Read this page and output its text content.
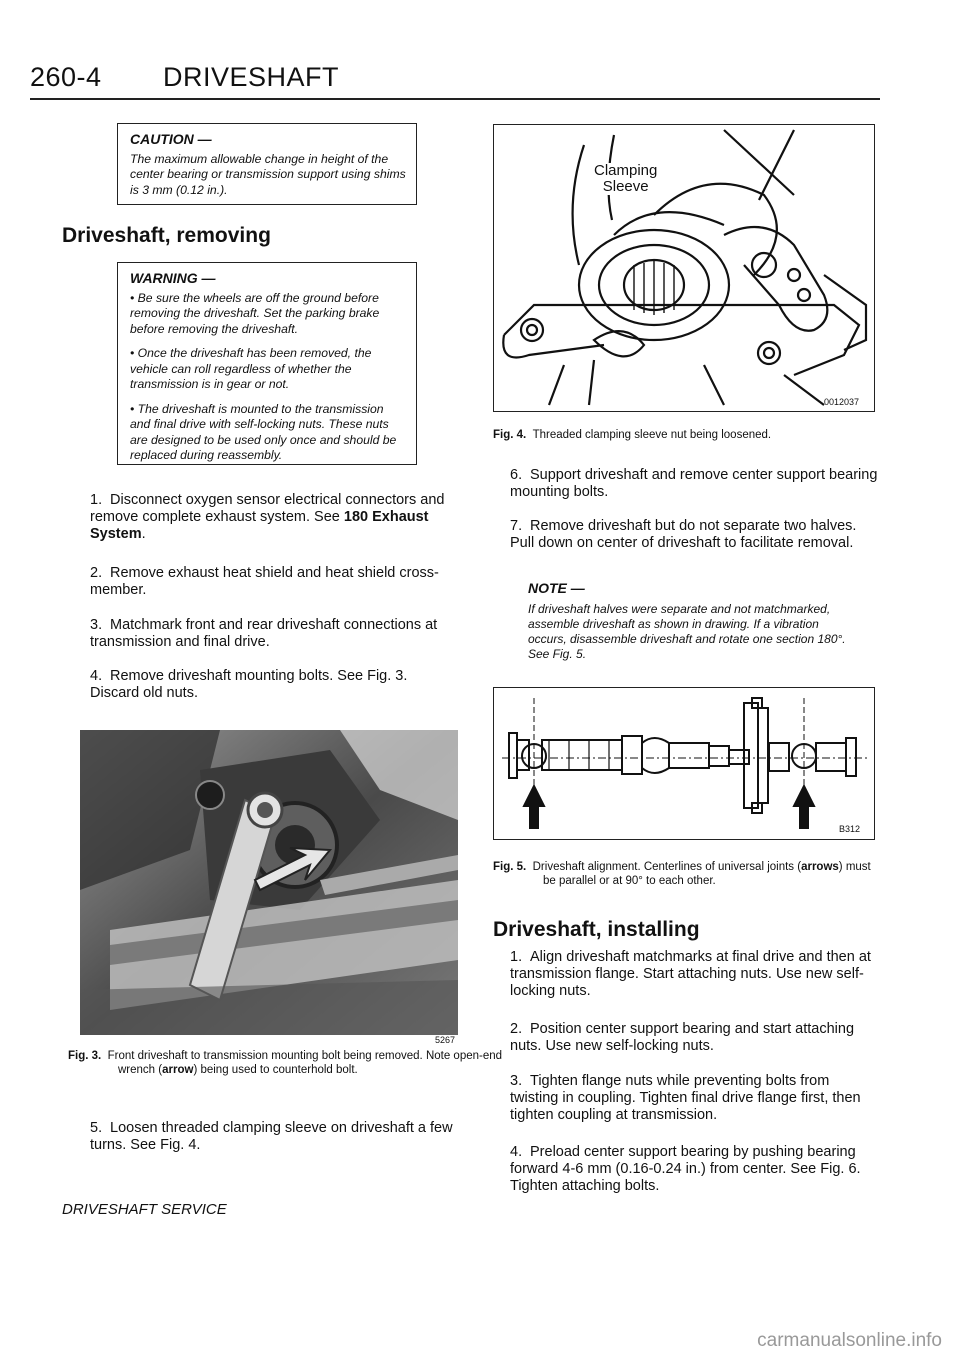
260-4 DRIVESHAFT
CAUTION —
The maximum allowable change in height of the center bearing or transmission support using shims is 3 mm (0.12 in.).
Driveshaft, removing
WARNING —

• Be sure the wheels are off the ground before removing the driveshaft. Set the parking brake before removing the driveshaft.

• Once the driveshaft has been removed, the vehicle can roll regardless of whether the transmission is in gear or not.

• The driveshaft is mounted to the transmission and final drive with self-locking nuts. These nuts are designed to be used only once and should be replaced during reassembly.

1. Disconnect oxygen sensor electrical connectors and remove complete exhaust system. See 180 Exhaust System.
2. Remove exhaust heat shield and heat shield cross-member.
3. Matchmark front and rear driveshaft connections at transmission and final drive.
4. Remove driveshaft mounting bolts. See Fig. 3. Discard old nuts.
5267
Fig. 3. Front driveshaft to transmission mounting bolt being removed. Note open-end wrench (arrow) being used to counterhold bolt.
5. Loosen threaded clamping sleeve on driveshaft a few turns. See Fig. 4.
Clamping
Sleeve
0012037
Fig. 4. Threaded clamping sleeve nut being loosened.
6. Support driveshaft and remove center support bearing mounting bolts.
7. Remove driveshaft but do not separate two halves. Pull down on center of driveshaft to facilitate removal.
NOTE —
If driveshaft halves were separate and not matchmarked, assemble driveshaft as shown in drawing. If a vibration occurs, disassemble driveshaft and rotate one section 180°. See Fig. 5.
B312
Fig. 5. Driveshaft alignment. Centerlines of universal joints (arrows) must be parallel or at 90° to each other.
Driveshaft, installing
1. Align driveshaft matchmarks at final drive and then at transmission flange. Start attaching nuts. Use new self-locking nuts.
2. Position center support bearing and start attaching nuts. Use new self-locking nuts.
3. Tighten flange nuts while preventing bolts from twisting in coupling. Tighten final drive flange first, then tighten coupling at transmission.
4. Preload center support bearing by pushing bearing forward 4-6 mm (0.16-0.24 in.) from center. See Fig. 6. Tighten attaching bolts.
DRIVESHAFT SERVICE
carmanualsonline.info
